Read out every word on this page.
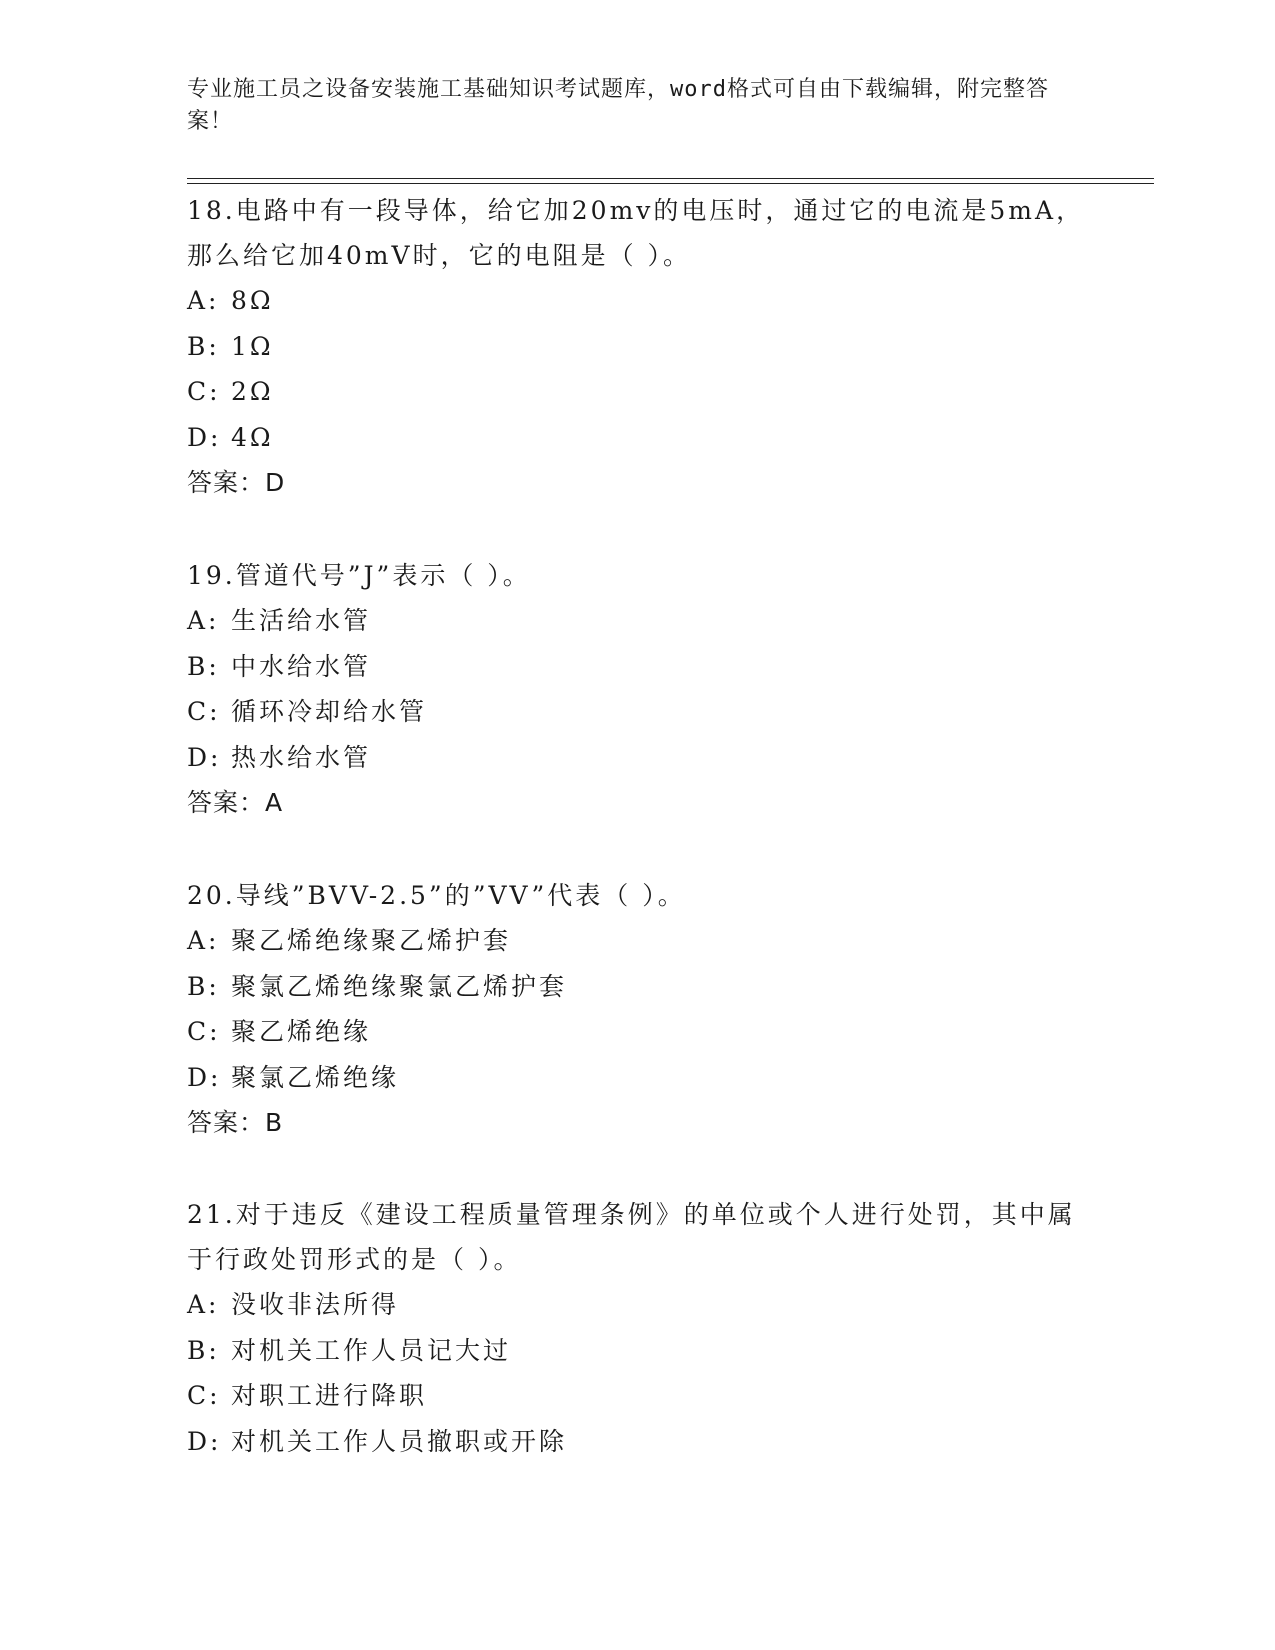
专业施工员之设备安装施工基础知识考试题库，word格式可自由下载编辑，附完整答案！

18.电路中有一段导体，给它加20mv的电压时，通过它的电流是5mA，那么给它加40mV时，它的电阻是（ ）。

A: 8Ω

B: 1Ω

C: 2Ω

D: 4Ω

答案：D

19.管道代号”J”表示（ ）。

A: 生活给水管

B: 中水给水管

C: 循环冷却给水管

D: 热水给水管

答案：A

20.导线”BVV-2.5”的”VV”代表（ ）。

A: 聚乙烯绝缘聚乙烯护套

B: 聚氯乙烯绝缘聚氯乙烯护套

C: 聚乙烯绝缘

D: 聚氯乙烯绝缘

答案：B

21.对于违反《建设工程质量管理条例》的单位或个人进行处罚，其中属于行政处罚形式的是（ ）。

A: 没收非法所得

B: 对机关工作人员记大过

C: 对职工进行降职

D: 对机关工作人员撤职或开除
